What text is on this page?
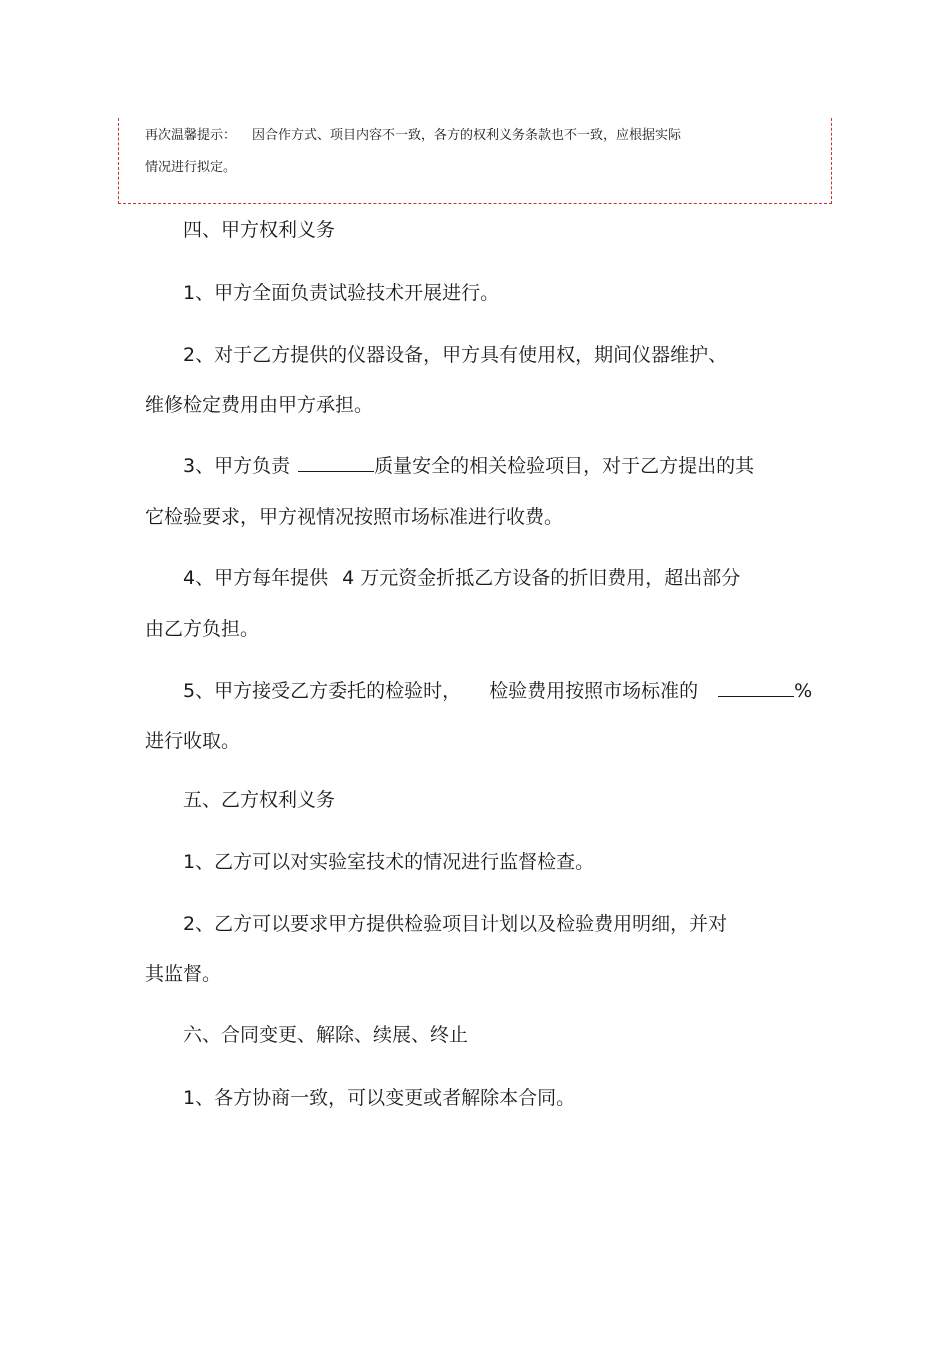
再次温馨提示： 因合作方式、项目内容不一致，各方的权利义务条款也不一致，应根据实际
情况进行拟定。
四、甲方权利义务
1、甲方全面负责试验技术开展进行。
2、对于乙方提供的仪器设备，甲方具有使用权，期间仪器维护、
维修检定费用由甲方承担。
3、甲方负责	质量安全的相关检验项目，对于乙方提出的其
它检验要求，甲方视情况按照市场标准进行收费。
4、甲方每年提供 4 万元资金折抵乙方设备的折旧费用，超出部分
由乙方负担。
5、甲方接受乙方委托的检验时， 检验费用按照市场标准的	%
进行收取。
五、乙方权利义务
1、乙方可以对实验室技术的情况进行监督检查。
2、乙方可以要求甲方提供检验项目计划以及检验费用明细，并对
其监督。
六、合同变更、解除、续展、终止
1、各方协商一致，可以变更或者解除本合同。
